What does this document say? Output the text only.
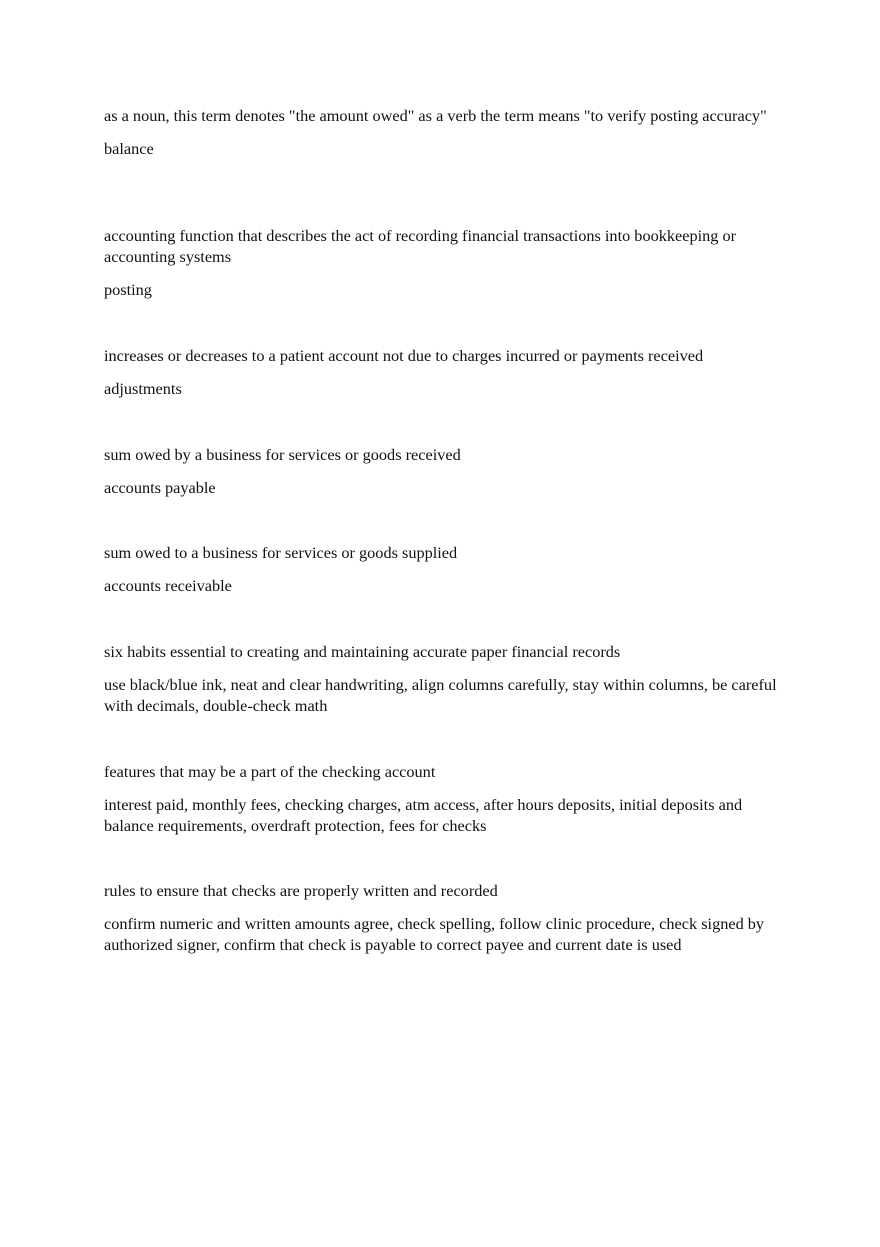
as a noun, this term denotes "the amount owed" as a verb the term means "to verify posting accuracy"

balance

accounting function that describes the act of recording financial transactions into bookkeeping or accounting systems

posting

increases or decreases to a patient account not due to charges incurred or payments received

adjustments

sum owed by a business for services or goods received

accounts payable

sum owed to a business for services or goods supplied

accounts receivable

six habits essential to creating and maintaining accurate paper financial records

use black/blue ink, neat and clear handwriting, align columns carefully, stay within columns, be careful with decimals, double-check math

features that may be a part of the checking account

interest paid, monthly fees, checking charges, atm access, after hours deposits, initial deposits and balance requirements, overdraft protection, fees for checks

rules to ensure that checks are properly written and recorded

confirm numeric and written amounts agree, check spelling, follow clinic procedure, check signed by authorized signer, confirm that check is payable to correct payee and current date is used
